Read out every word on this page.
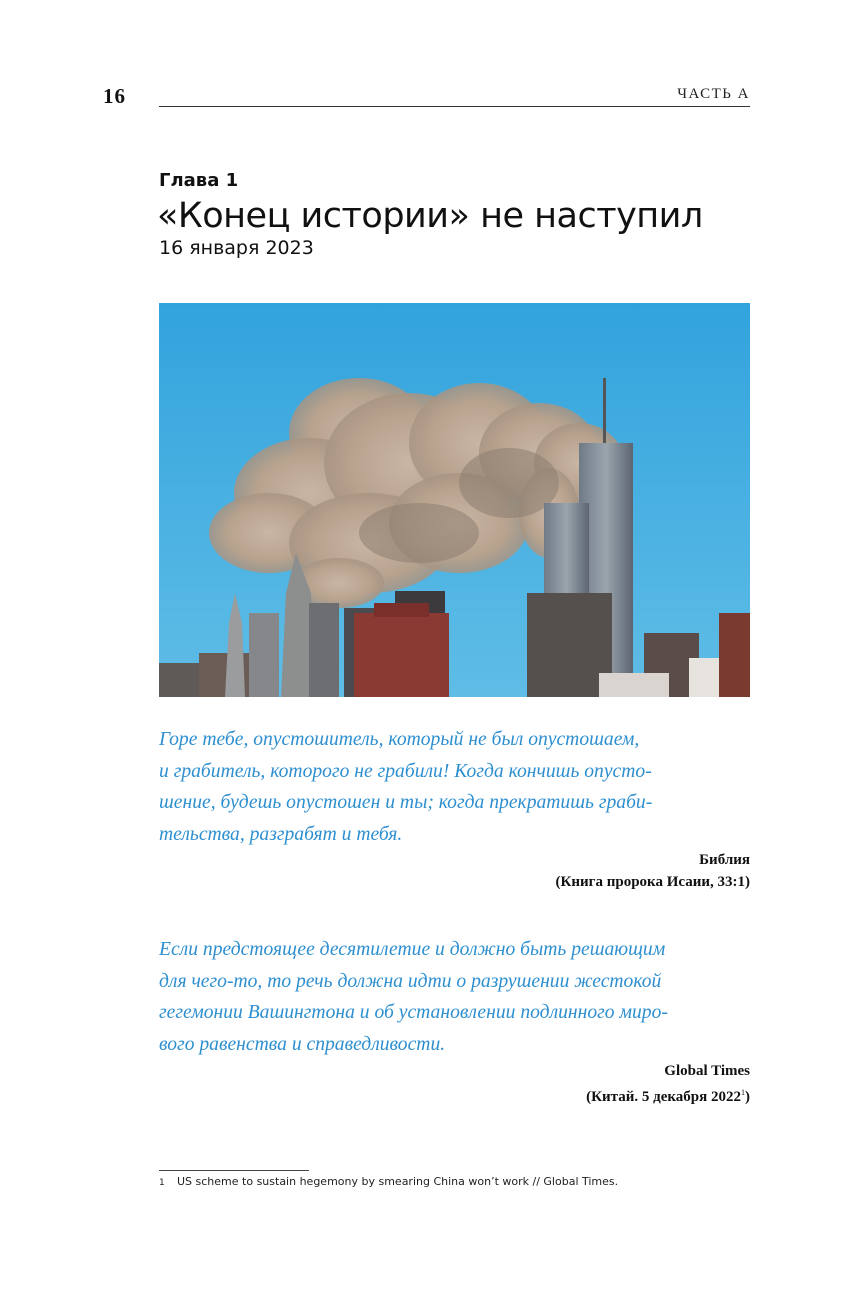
16	ЧАСТЬ А
Глава 1
«Конец истории» не наступил
16 января 2023
Горе тебе, опустошитель, который не был опустошаем,
и грабитель, которого не грабили! Когда кончишь опусто-
шение, будешь опустошен и ты; когда прекратишь граби-
тельства, разграбят и тебя.
Библия
(Книга пророка Исаии, 33:1)
Если предстоящее десятилетие и должно быть решающим
для чего-то, то речь должна идти о разрушении жестокой
гегемонии Вашингтона и об установлении подлинного миро-
вого равенства и справедливости.
Global Times
(Китай. 5 декабря 2022$^1$)
1 US scheme to sustain hegemony by smearing China won’t work // Global Times.
